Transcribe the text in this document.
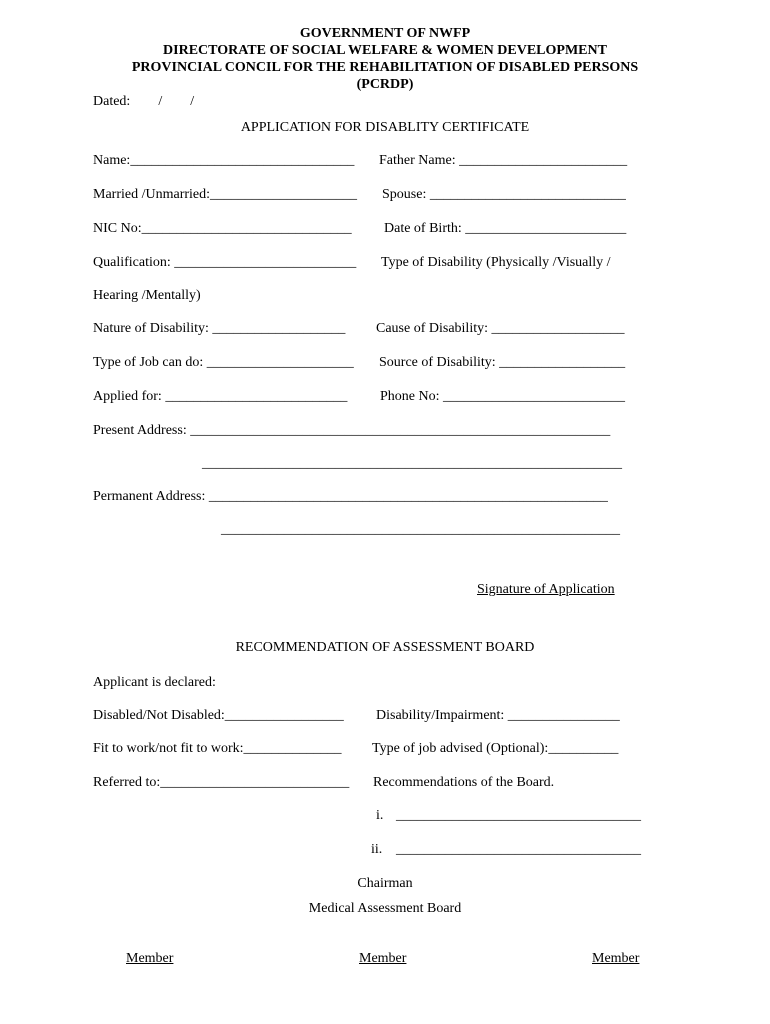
GOVERNMENT OF NWFP
DIRECTORATE OF SOCIAL WELFARE & WOMEN DEVELOPMENT
PROVINCIAL CONCIL FOR THE REHABILITATION OF DISABLED PERSONS
(PCRDP)
Dated:        /        /
APPLICATION FOR DISABLITY CERTIFICATE
Name:________________________________ Father Name: ________________________
Married /Unmarried:_____________________ Spouse: ____________________________
NIC No:______________________________ Date of Birth: _______________________
Qualification: __________________________ Type of Disability (Physically /Visually /
Hearing /Mentally)
Nature of Disability: ___________________ Cause of Disability: ___________________
Type of Job can do: _____________________ Source of Disability: __________________
Applied for: __________________________ Phone No: __________________________
Present Address: ____________________________________________________________
____________________________________________________________
Permanent Address: _________________________________________________________
_________________________________________________________
Signature of Application
RECOMMENDATION OF ASSESSMENT BOARD
Applicant is declared:
Disabled/Not Disabled:_________________ Disability/Impairment: ________________
Fit to work/not fit to work:______________ Type of job advised (Optional):__________
Referred to:___________________________ Recommendations of the Board.
i. ___________________________________
ii. ___________________________________
Chairman
Medical Assessment Board
Member	Member	Member
